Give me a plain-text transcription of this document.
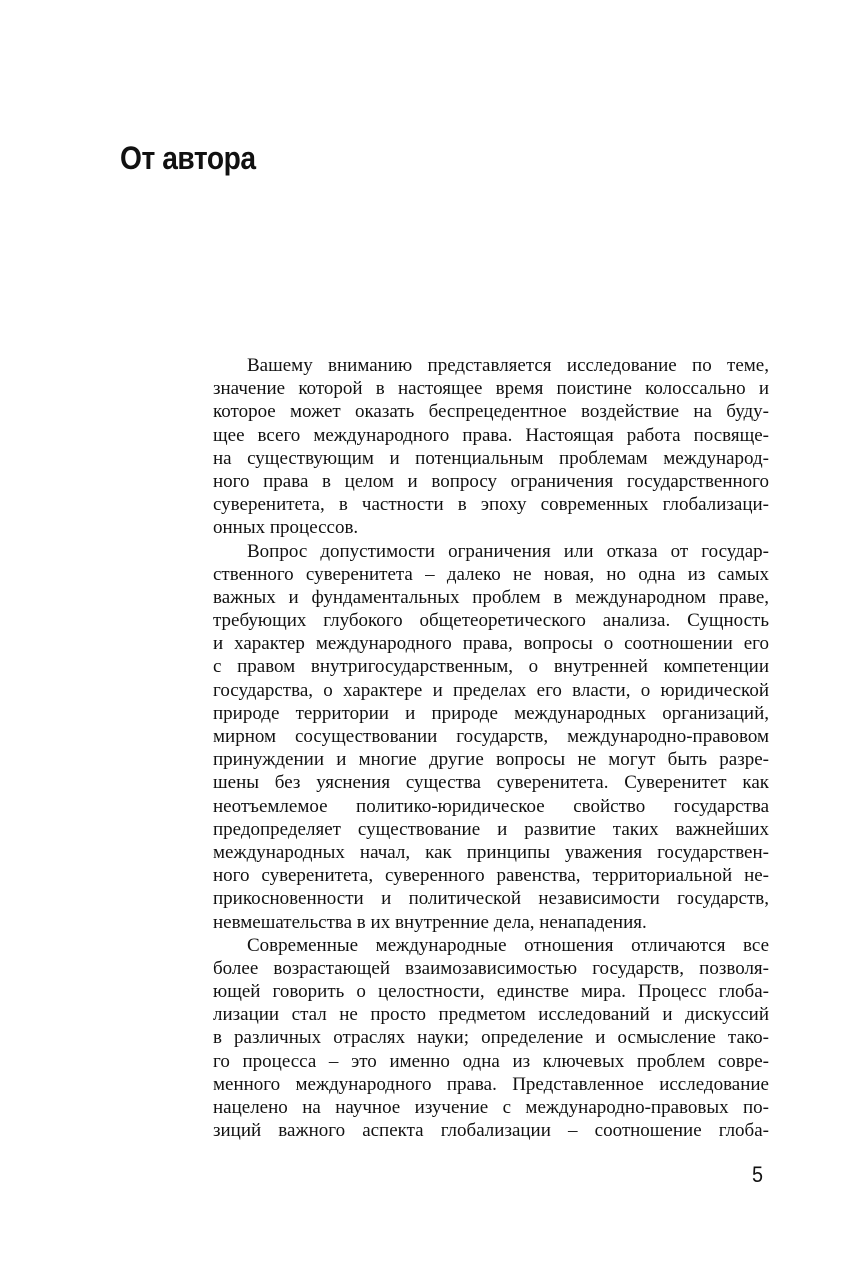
От автора
Вашему вниманию представляется исследование по теме,
значение которой в настоящее время поистине колоссально и
которое может оказать беспрецедентное воздействие на буду-
щее всего международного права. Настоящая работа посвяще-
на существующим и потенциальным проблемам международ-
ного права в целом и вопросу ограничения государственного
суверенитета, в частности в эпоху современных глобализаци-
онных процессов.
Вопрос допустимости ограничения или отказа от государ-
ственного суверенитета – далеко не новая, но одна из самых
важных и фундаментальных проблем в международном праве,
требующих глубокого общетеоретического анализа. Сущность
и характер международного права, вопросы о соотношении его
с правом внутригосударственным, о внутренней компетенции
государства, о характере и пределах его власти, о юридической
природе территории и природе международных организаций,
мирном сосуществовании государств, международно-правовом
принуждении и многие другие вопросы не могут быть разре-
шены без уяснения существа суверенитета. Суверенитет как
неотъемлемое политико-юридическое свойство государства
предопределяет существование и развитие таких важнейших
международных начал, как принципы уважения государствен-
ного суверенитета, суверенного равенства, территориальной не-
прикосновенности и политической независимости государств,
невмешательства в их внутренние дела, ненападения.
Современные международные отношения отличаются все
более возрастающей взаимозависимостью государств, позволя-
ющей говорить о целостности, единстве мира. Процесс глоба-
лизации стал не просто предметом исследований и дискуссий
в различных отраслях науки; определение и осмысление тако-
го процесса – это именно одна из ключевых проблем совре-
менного международного права. Представленное исследование
нацелено на научное изучение с международно-правовых по-
зиций важного аспекта глобализации – соотношение глоба-
5
